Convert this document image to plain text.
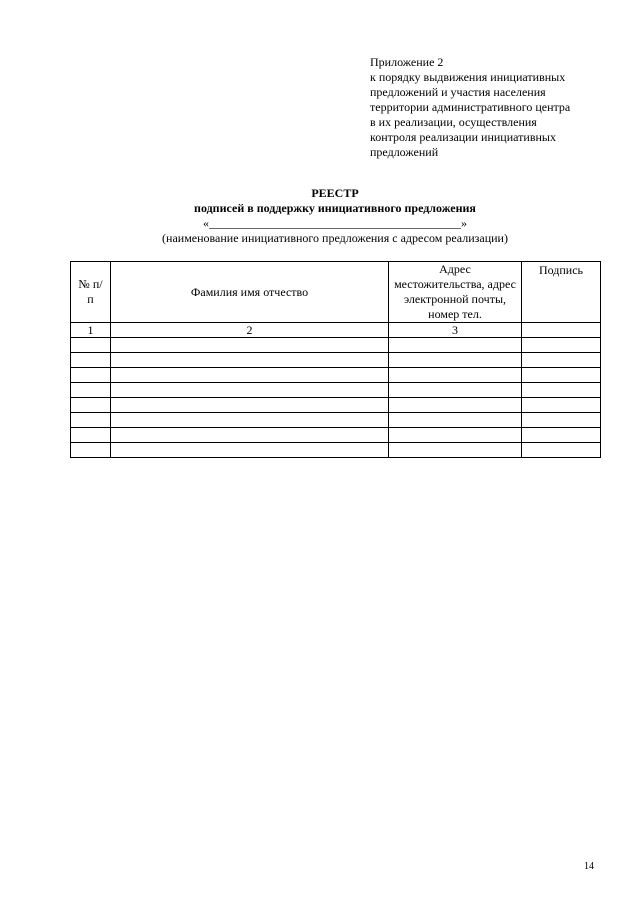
Приложение 2
к порядку выдвижения инициативных
предложений и участия населения
территории административного центра
в их реализации, осуществления
контроля реализации инициативных
предложений
РЕЕСТР
подписей в поддержку инициативного предложения
«__________________________________________»
(наименование инициативного предложения с адресом реализации)
№ п/п	Фамилия имя отчество	Адрес местожительства, адрес электронной почты, номер тел.	Подпись
1	2	3	

14
